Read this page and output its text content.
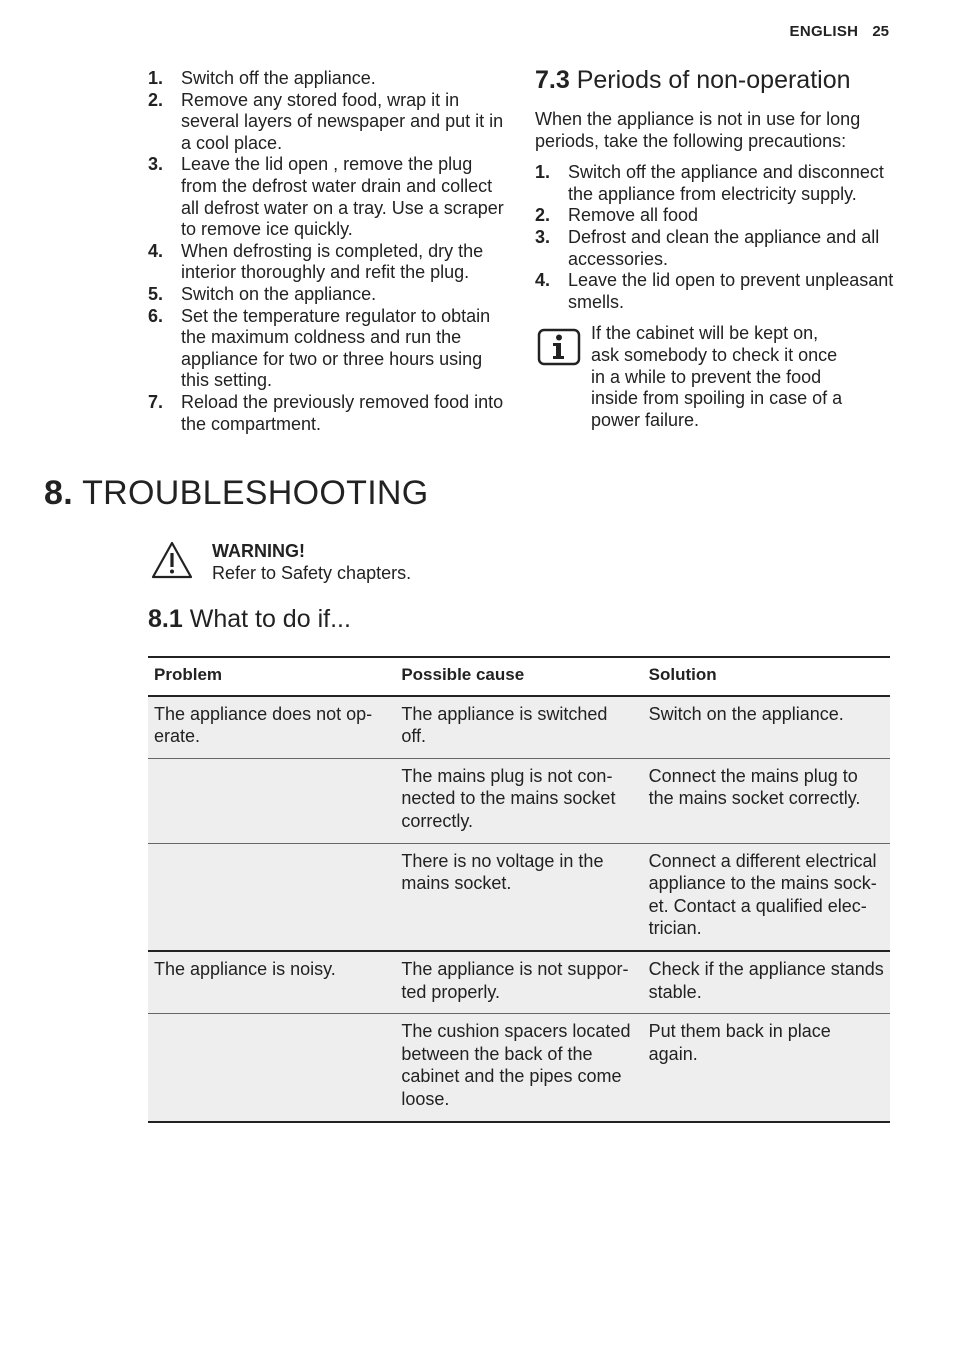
ENGLISH 25
1. Switch off the appliance.
2. Remove any stored food, wrap it in several layers of newspaper and put it in a cool place.
3. Leave the lid open , remove the plug from the defrost water drain and collect all defrost water on a tray. Use a scraper to remove ice quickly.
4. When defrosting is completed, dry the interior thoroughly and refit the plug.
5. Switch on the appliance.
6. Set the temperature regulator to obtain the maximum coldness and run the appliance for two or three hours using this setting.
7. Reload the previously removed food into the compartment.
7.3 Periods of non-operation

When the appliance is not in use for long periods, take the following precautions:

1. Switch off the appliance and disconnect the appliance from electricity supply.
2. Remove all food
3. Defrost and clean the appliance and all accessories.
4. Leave the lid open to prevent unpleasant smells.
If the cabinet will be kept on, ask somebody to check it once in a while to prevent the food inside from spoiling in case of a power failure.
8. TROUBLESHOOTING
WARNING!
Refer to Safety chapters.
8.1 What to do if...
Problem	Possible cause	Solution
The appliance does not op-erate.	The appliance is switched off.	Switch on the appliance.
	The mains plug is not con-nected to the mains socket correctly.	Connect the mains plug to the mains socket correctly.
	There is no voltage in the mains socket.	Connect a different electrical appliance to the mains sock-et. Contact a qualified elec-trician.
The appliance is noisy.	The appliance is not suppor-ted properly.	Check if the appliance stands stable.
	The cushion spacers located between the back of the cabinet and the pipes come loose.	Put them back in place again.
